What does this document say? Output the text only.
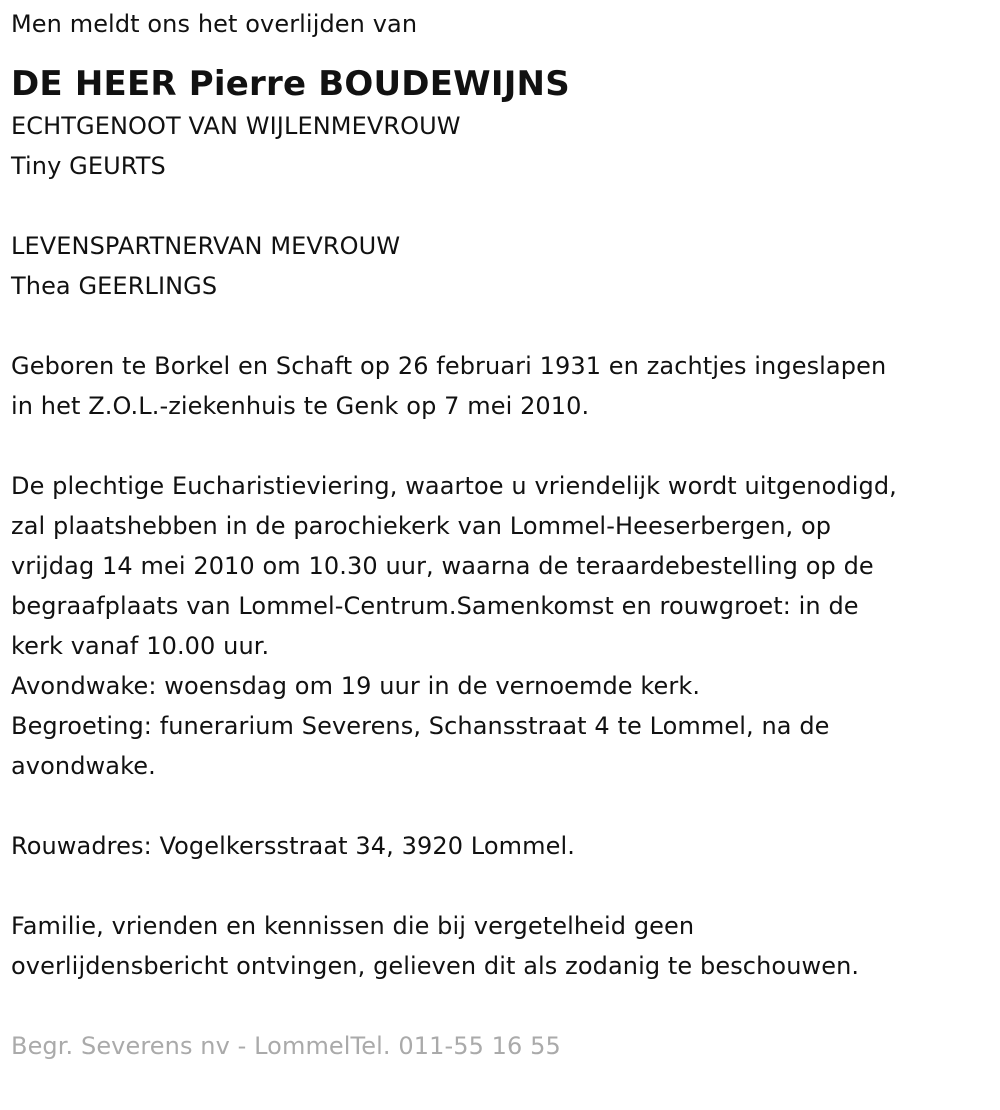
Men meldt ons het overlijden van
DE HEER Pierre BOUDEWIJNS
ECHTGENOOT VAN WIJLENMEVROUW
Tiny GEURTS
LEVENSPARTNERVAN MEVROUW
Thea GEERLINGS
Geboren te Borkel en Schaft op 26 februari 1931 en zachtjes ingeslapen
in het Z.O.L.-ziekenhuis te Genk op 7 mei 2010.
De plechtige Eucharistieviering, waartoe u vriendelijk wordt uitgenodigd,
zal plaatshebben in de parochiekerk van Lommel-Heeserbergen, op
vrijdag 14 mei 2010 om 10.30 uur, waarna de teraardebestelling op de
begraafplaats van Lommel-Centrum.Samenkomst en rouwgroet: in de
kerk vanaf 10.00 uur.
Avondwake: woensdag om 19 uur in de vernoemde kerk.
Begroeting: funerarium Severens, Schansstraat 4 te Lommel, na de
avondwake.
Rouwadres: Vogelkersstraat 34, 3920 Lommel.
Familie, vrienden en kennissen die bij vergetelheid geen
overlijdensbericht ontvingen, gelieven dit als zodanig te beschouwen.
Begr. Severens nv - LommelTel. 011-55 16 55
